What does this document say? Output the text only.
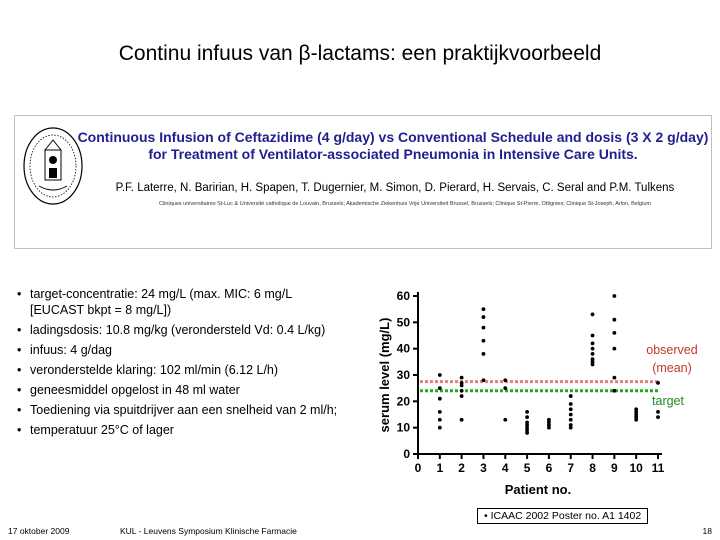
Continu infuus van β-lactams: een praktijkvoorbeeld
Continuous Infusion of Ceftazidime (4 g/day) vs Conventional Schedule and dosis (3 X 2 g/day) for Treatment of Ventilator-associated Pneumonia in Intensive Care Units.
P.F. Laterre, N. Baririan, H. Spapen, T. Dugernier, M. Simon, D. Pierard, H. Servais, C. Seral and P.M. Tulkens
Cliniques universitaires St-Luc & Université catholique de Louvain, Brussels; Akademische Ziekenhuis Vrije Universiteit Brussel, Brussels; Clinique St-Pierre, Ottignies; Clinique St-Joseph, Arlon, Belgium
• target-concentratie: 24 mg/L (max. MIC: 6 mg/L [EUCAST bkpt = 8 mg/L])
• ladingsdosis: 10.8 mg/kg (verondersteld Vd: 0.4 L/kg)
• infuus: 4 g/dag
• veronderstelde klaring: 102 ml/min (6.12 L/h)
• geneesmiddel opgelost in 48 ml water
• Toediening via spuitdrijver aan een snelheid van 2 ml/h;
• temperatuur 25°C of lager
0
10
20
30
40
50
60
0 1 2 3 4 5 6 7 8 9 10 11
Patient no.
serum level (mg/L)	observed
(mean)
target
• ICAAC 2002 Poster no. A1 1402
17 oktober 2009	KUL - Leuvens Symposium Klinische Farmacie	18
